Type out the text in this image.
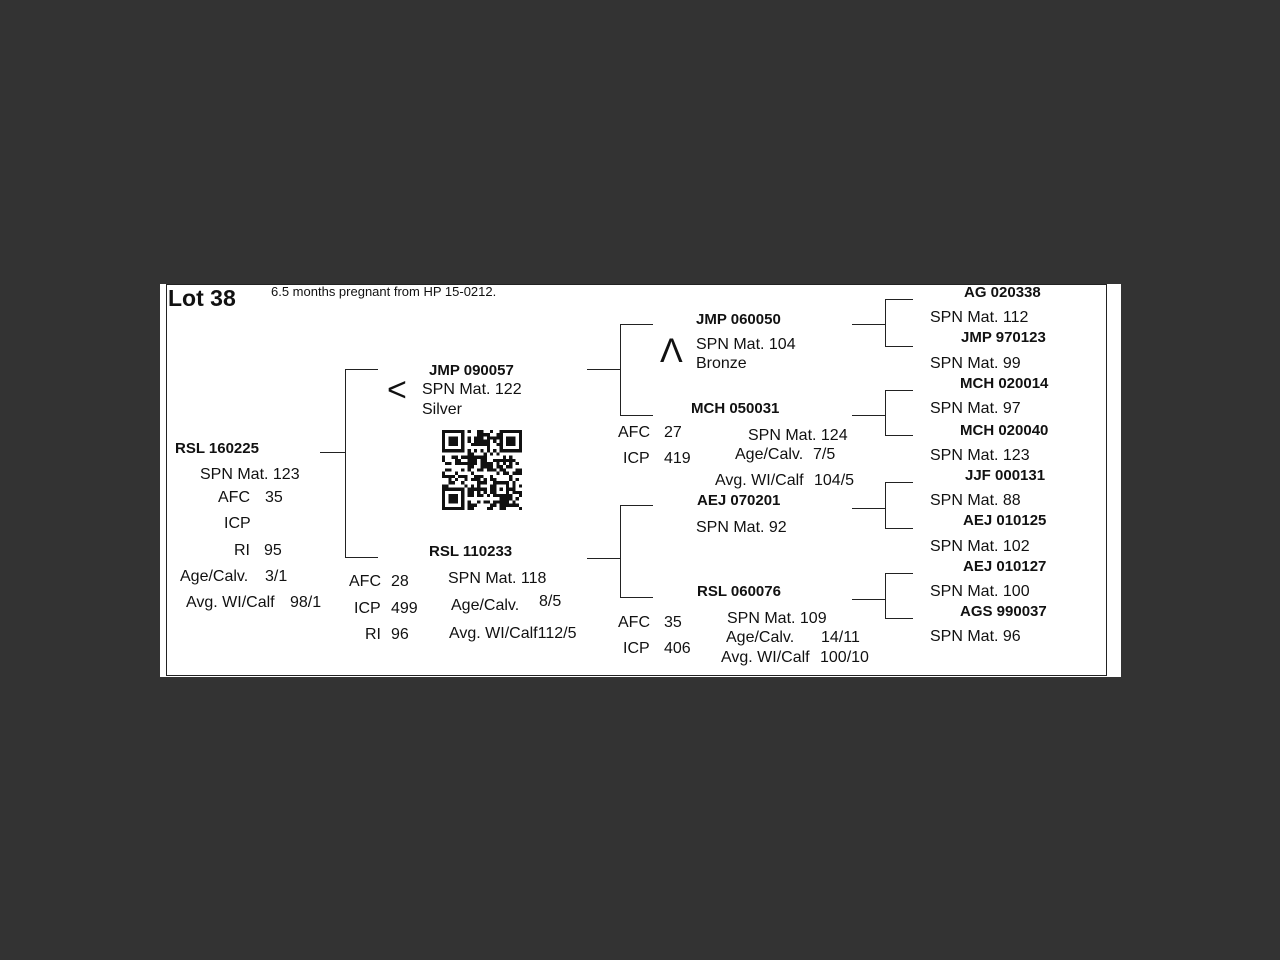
Lot 38	6.5 months pregnant from HP 15-0212.
RSL 160225
SPN Mat. 123
AFC 35
ICP
RI 95
Age/Calv. 3/1
Avg. WI/Calf 98/1
<
JMP 090057
SPN Mat. 122
Silver
RSL 110233
AFC 28
ICP 499
RI 96
SPN Mat. 118
Age/Calv. 8/5
Avg. WI/Calf112/5
Λ
JMP 060050
SPN Mat. 104
Bronze
MCH 050031
AFC 27
ICP 419
SPN Mat. 124
Age/Calv. 7/5
Avg. WI/Calf 104/5
AEJ 070201
SPN Mat. 92
RSL 060076
AFC 35
ICP 406
SPN Mat. 109
Age/Calv. 14/11
Avg. WI/Calf 100/10
AG 020338
SPN Mat. 112
JMP 970123
SPN Mat. 99
MCH 020014
SPN Mat. 97
MCH 020040
SPN Mat. 123
JJF 000131
SPN Mat. 88
AEJ 010125
SPN Mat. 102
AEJ 010127
SPN Mat. 100
AGS 990037
SPN Mat. 96
